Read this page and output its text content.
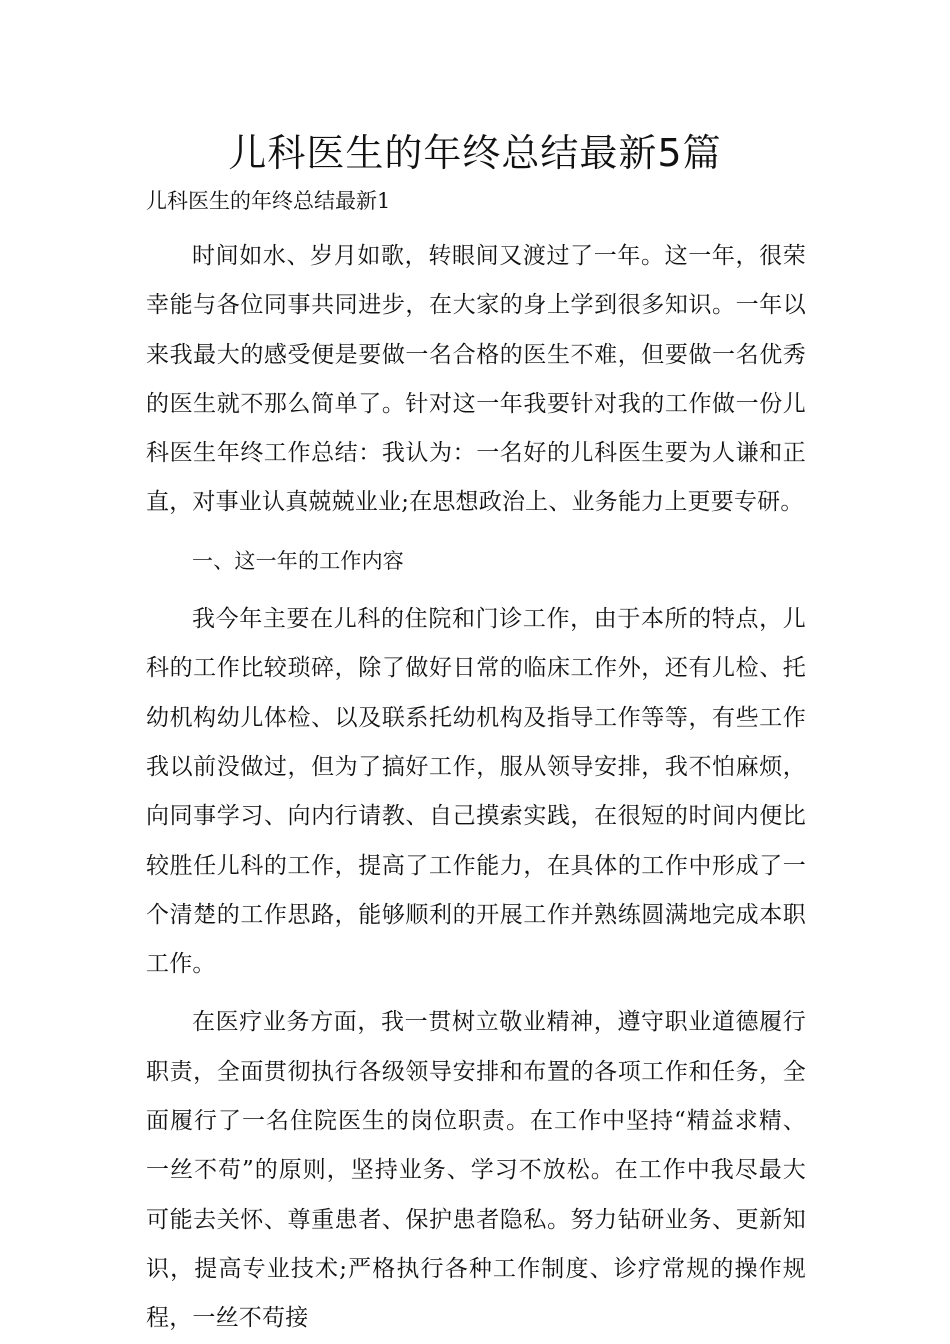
儿科医生的年终总结最新5篇

儿科医生的年终总结最新1

时间如水、岁月如歌，转眼间又渡过了一年。这一年，很荣幸能与各位同事共同进步，在大家的身上学到很多知识。一年以来我最大的感受便是要做一名合格的医生不难，但要做一名优秀的医生就不那么简单了。针对这一年我要针对我的工作做一份儿科医生年终工作总结：我认为：一名好的儿科医生要为人谦和正直，对事业认真兢兢业业;在思想政治上、业务能力上更要专研。

一、这一年的工作内容

我今年主要在儿科的住院和门诊工作，由于本所的特点，儿科的工作比较琐碎，除了做好日常的临床工作外，还有儿检、托幼机构幼儿体检、以及联系托幼机构及指导工作等等，有些工作我以前没做过，但为了搞好工作，服从领导安排，我不怕麻烦，向同事学习、向内行请教、自己摸索实践，在很短的时间内便比较胜任儿科的工作，提高了工作能力，在具体的工作中形成了一个清楚的工作思路，能够顺利的开展工作并熟练圆满地完成本职工作。

在医疗业务方面，我一贯树立敬业精神，遵守职业道德履行职责，全面贯彻执行各级领导安排和布置的各项工作和任务，全面履行了一名住院医生的岗位职责。在工作中坚持“精益求精、一丝不苟”的原则，坚持业务、学习不放松。在工作中我尽最大可能去关怀、尊重患者、保护患者隐私。努力钻研业务、更新知识，提高专业技术;严格执行各种工作制度、诊疗常规的操作规程，一丝不苟接
